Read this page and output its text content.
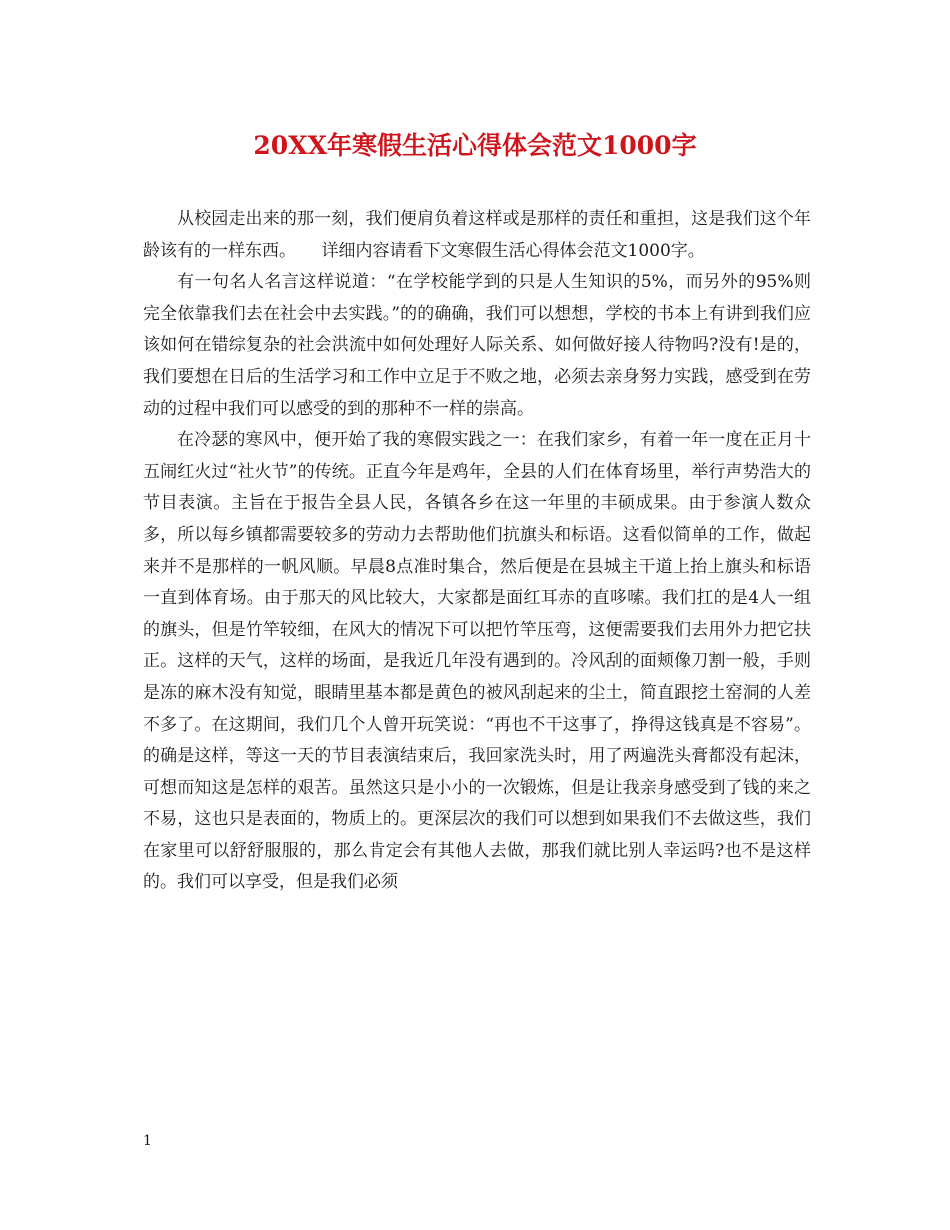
20XX年寒假生活心得体会范文1000字

从校园走出来的那一刻，我们便肩负着这样或是那样的责任和重担，这是我们这个年龄该有的一样东西。　　详细内容请看下文寒假生活心得体会范文1000字。

有一句名人名言这样说道：“在学校能学到的只是人生知识的5%，而另外的95%则完全依靠我们去在社会中去实践。”的的确确，我们可以想想，学校的书本上有讲到我们应该如何在错综复杂的社会洪流中如何处理好人际关系、如何做好接人待物吗?没有!是的，我们要想在日后的生活学习和工作中立足于不败之地，必须去亲身努力实践，感受到在劳动的过程中我们可以感受的到的那种不一样的崇高。

在冷瑟的寒风中，便开始了我的寒假实践之一：在我们家乡，有着一年一度在正月十五闹红火过“社火节”的传统。正直今年是鸡年，全县的人们在体育场里，举行声势浩大的节目表演。主旨在于报告全县人民，各镇各乡在这一年里的丰硕成果。由于参演人数众多，所以每乡镇都需要较多的劳动力去帮助他们抗旗头和标语。这看似简单的工作，做起来并不是那样的一帆风顺。早晨8点准时集合，然后便是在县城主干道上抬上旗头和标语一直到体育场。由于那天的风比较大，大家都是面红耳赤的直哆嗦。我们扛的是4人一组的旗头，但是竹竿较细，在风大的情况下可以把竹竿压弯，这便需要我们去用外力把它扶正。这样的天气，这样的场面，是我近几年没有遇到的。冷风刮的面颊像刀割一般，手则是冻的麻木没有知觉，眼睛里基本都是黄色的被风刮起来的尘土，简直跟挖土窑洞的人差不多了。在这期间，我们几个人曾开玩笑说：“再也不干这事了，挣得这钱真是不容易”。的确是这样，等这一天的节目表演结束后，我回家洗头时，用了两遍洗头膏都没有起沫，可想而知这是怎样的艰苦。虽然这只是小小的一次锻炼，但是让我亲身感受到了钱的来之不易，这也只是表面的，物质上的。更深层次的我们可以想到如果我们不去做这些，我们在家里可以舒舒服服的，那么肯定会有其他人去做，那我们就比别人幸运吗?也不是这样的。我们可以享受，但是我们必须

1
